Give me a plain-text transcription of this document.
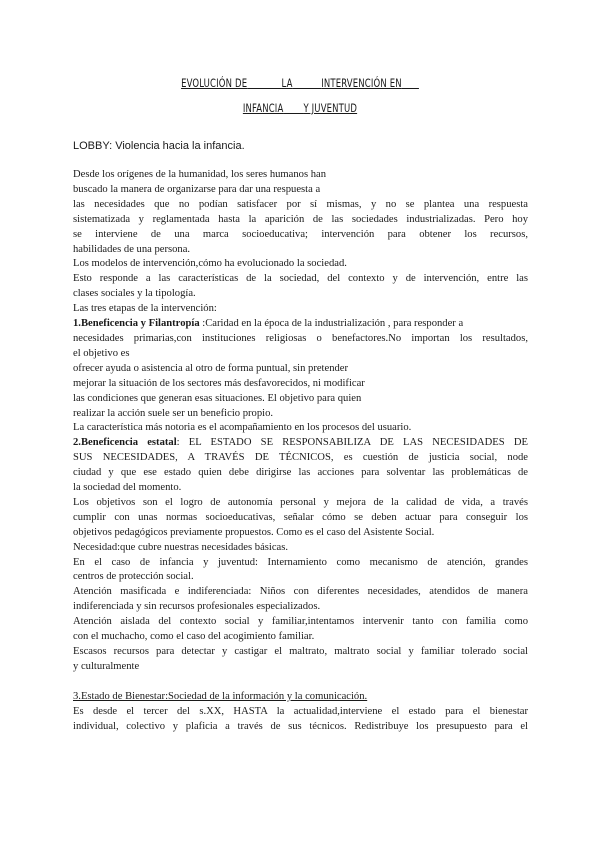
EVOLUCIÓN DE	LA INTERVENCIÓN EN
INFANCIA Y JUVENTUD
LOBBY: Violencia hacia la infancia.

Desde los orígenes de la humanidad, los seres humanos han

buscado la manera de organizarse para dar una respuesta a

las necesidades que no podían satisfacer por sí mismas, y no se plantea una respuesta

sistematizada y reglamentada hasta la aparición de las sociedades industrializadas. Pero hoy

se interviene de una marca socioeducativa; intervención para obtener los recursos,

habilidades de una persona.

Los modelos de intervención,cómo ha evolucionado la sociedad.

Esto responde a las características de la sociedad, del contexto y de intervención, entre las

clases sociales y la tipología.

Las tres etapas de la intervención:

1.Beneficencia y Filantropía :Caridad en la época de la industrialización , para responder a

necesidades primarias,con instituciones religiosas o benefactores.No importan los resultados,

el objetivo es

ofrecer ayuda o asistencia al otro de forma puntual, sin pretender

mejorar la situación de los sectores más desfavorecidos, ni modificar

las condiciones que generan esas situaciones. El objetivo para quien

realizar la acción suele ser un beneficio propio.

La característica más notoria es el acompañamiento en los procesos del usuario.

2.Beneficencia estatal: EL ESTADO SE RESPONSABILIZA DE LAS NECESIDADES DE

SUS NECESIDADES, A TRAVÉS DE TÉCNICOS, es cuestión de justicia social, node

ciudad y que ese estado quien debe dirigirse las acciones para solventar las problemáticas de

la sociedad del momento.

Los objetivos son el logro de autonomía personal y mejora de la calidad de vida, a través

cumplir con unas normas socioeducativas, señalar cómo se deben actuar para conseguir los

objetivos pedagógicos previamente propuestos. Como es el caso del Asistente Social.

Necesidad:que cubre nuestras necesidades básicas.

En el caso de infancia y juventud: Internamiento como mecanismo de atención, grandes

centros de protección social.

Atención masificada e indiferenciada: Niños con diferentes necesidades, atendidos de manera

indiferenciada y sin recursos profesionales especializados.

Atención aislada del contexto social y familiar,intentamos intervenir tanto con familia como

con el muchacho, como el caso del acogimiento familiar.

Escasos recursos para detectar y castigar el maltrato, maltrato social y familiar tolerado social

y culturalmente

3.Estado de Bienestar:Sociedad de la información y la comunicación.

Es desde el tercer del s.XX, HASTA la actualidad,interviene el estado para el bienestar

individual, colectivo y plaficia a través de sus técnicos. Redistribuye los presupuesto para el
